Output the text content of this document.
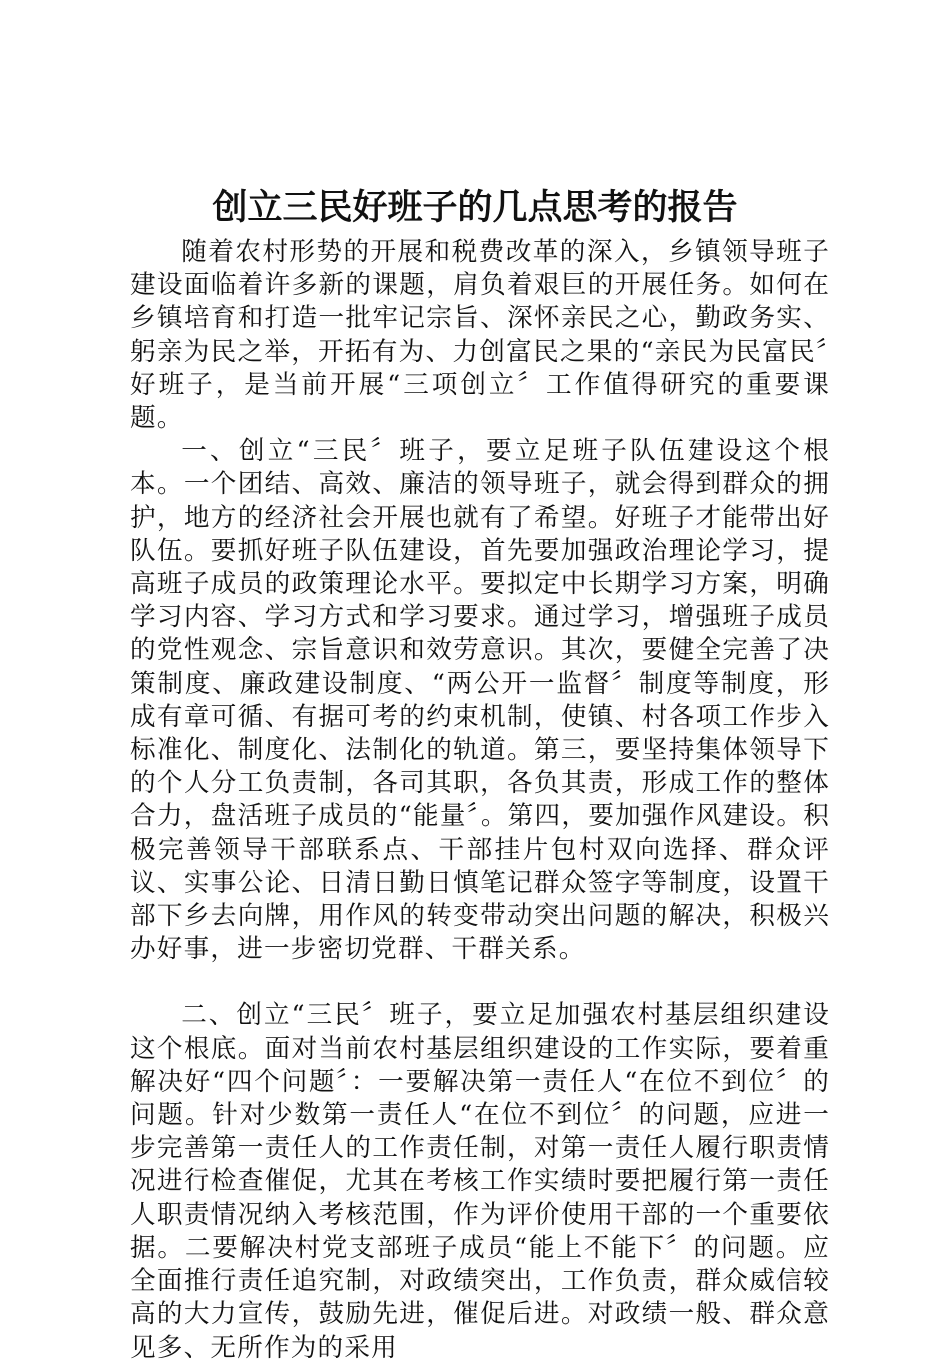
创立三民好班子的几点思考的报告

随着农村形势的开展和税费改革的深入，乡镇领导班子建设面临着许多新的课题，肩负着艰巨的开展任务。如何在乡镇培育和打造一批牢记宗旨、深怀亲民之心，勤政务实、躬亲为民之举，开拓有为、力创富民之果的“亲民为民富民〞好班子，是当前开展“三项创立〞工作值得研究的重要课题。

一、创立“三民〞班子，要立足班子队伍建设这个根本。一个团结、高效、廉洁的领导班子，就会得到群众的拥护，地方的经济社会开展也就有了希望。好班子才能带出好队伍。要抓好班子队伍建设，首先要加强政治理论学习，提高班子成员的政策理论水平。要拟定中长期学习方案，明确学习内容、学习方式和学习要求。通过学习，增强班子成员的党性观念、宗旨意识和效劳意识。其次，要健全完善了决策制度、廉政建设制度、“两公开一监督〞制度等制度，形成有章可循、有据可考的约束机制，使镇、村各项工作步入标准化、制度化、法制化的轨道。第三，要坚持集体领导下的个人分工负责制，各司其职，各负其责，形成工作的整体合力，盘活班子成员的“能量〞。第四，要加强作风建设。积极完善领导干部联系点、干部挂片包村双向选择、群众评议、实事公论、日清日勤日慎笔记群众签字等制度，设置干部下乡去向牌，用作风的转变带动突出问题的解决，积极兴办好事，进一步密切党群、干群关系。

二、创立“三民〞班子，要立足加强农村基层组织建设这个根底。面对当前农村基层组织建设的工作实际，要着重解决好“四个问题〞：一要解决第一责任人“在位不到位〞的问题。针对少数第一责任人“在位不到位〞的问题，应进一步完善第一责任人的工作责任制，对第一责任人履行职责情况进行检查催促，尤其在考核工作实绩时要把履行第一责任人职责情况纳入考核范围，作为评价使用干部的一个重要依据。二要解决村党支部班子成员“能上不能下〞的问题。应全面推行责任追究制，对政绩突出，工作负责，群众威信较高的大力宣传，鼓励先进，催促后进。对政绩一般、群众意见多、无所作为的采用
